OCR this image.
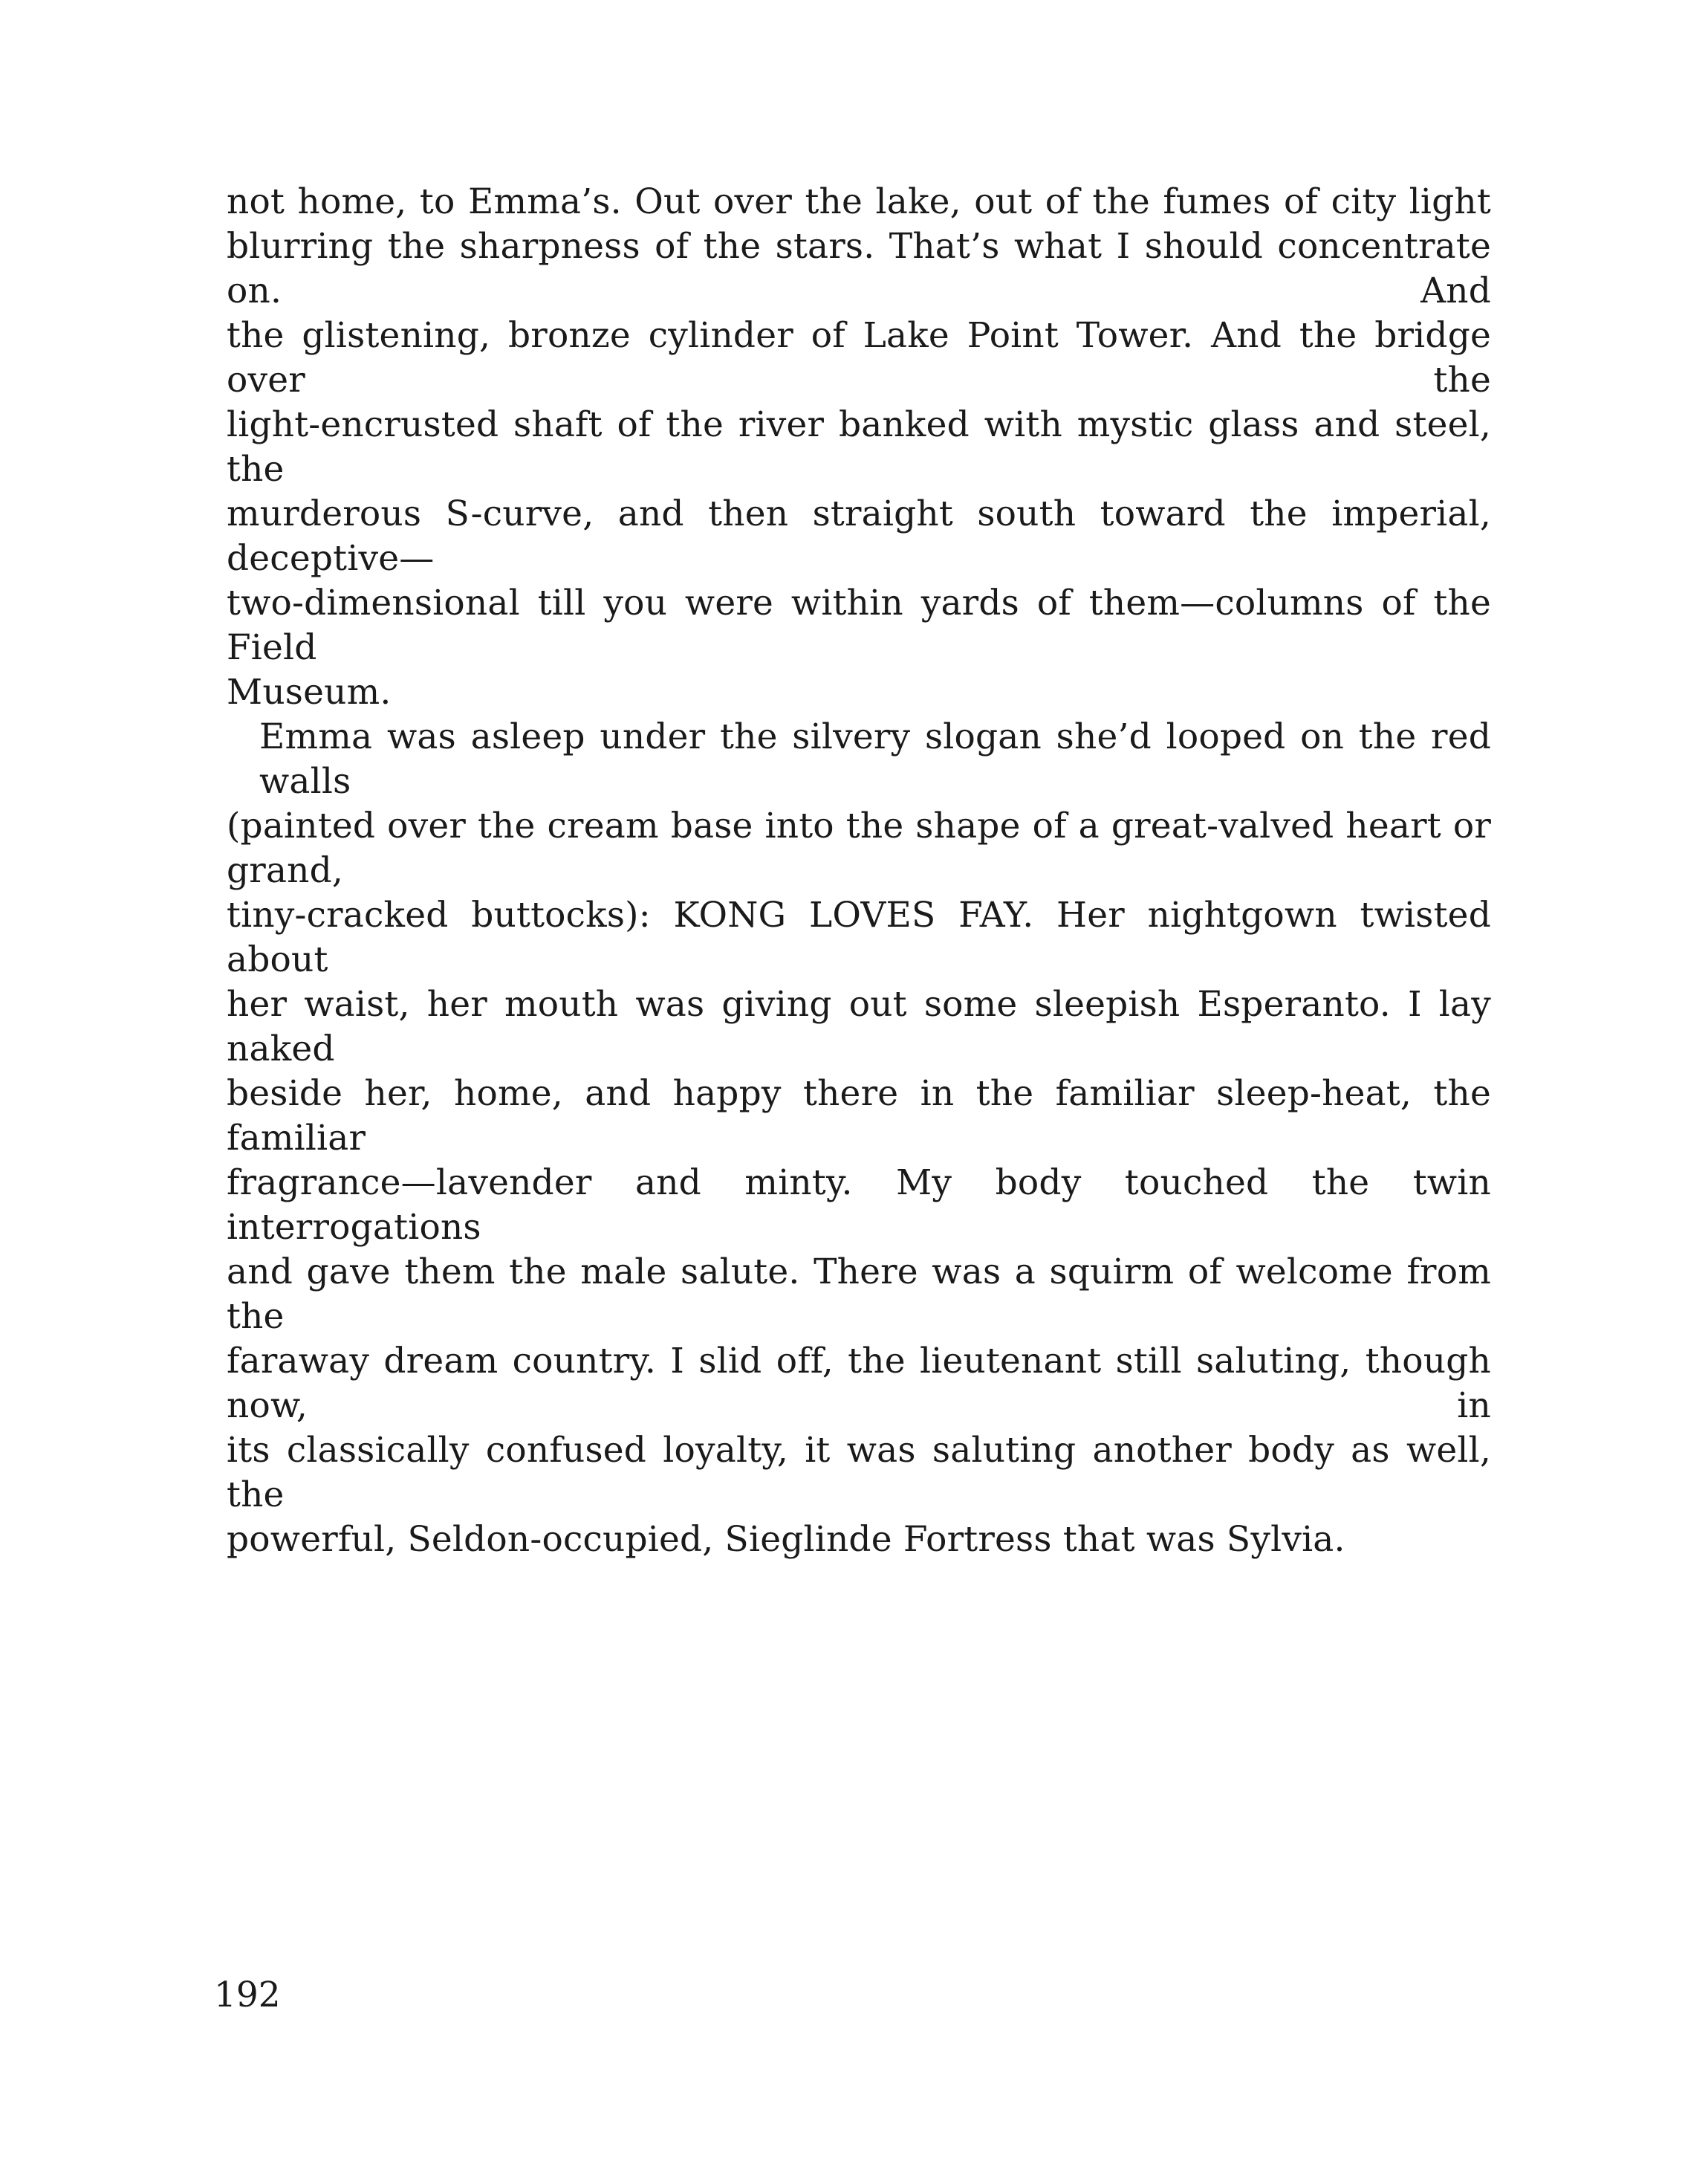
not home, to Emma’s. Out over the lake, out of the fumes of city light
blurring the sharpness of the stars. That’s what I should concentrate on. And
the glistening, bronze cylinder of Lake Point Tower. And the bridge over the
light-encrusted shaft of the river banked with mystic glass and steel, the
murderous S-curve, and then straight south toward the imperial, deceptive—
two-dimensional till you were within yards of them—columns of the Field
Museum.
Emma was asleep under the silvery slogan she’d looped on the red walls
(painted over the cream base into the shape of a great-valved heart or grand,
tiny-cracked buttocks): KONG LOVES FAY. Her nightgown twisted about
her waist, her mouth was giving out some sleepish Esperanto. I lay naked
beside her, home, and happy there in the familiar sleep-heat, the familiar
fragrance—lavender and minty. My body touched the twin interrogations
and gave them the male salute. There was a squirm of welcome from the
faraway dream country. I slid off, the lieutenant still saluting, though now, in
its classically confused loyalty, it was saluting another body as well, the
powerful, Seldon-occupied, Sieglinde Fortress that was Sylvia.
192
